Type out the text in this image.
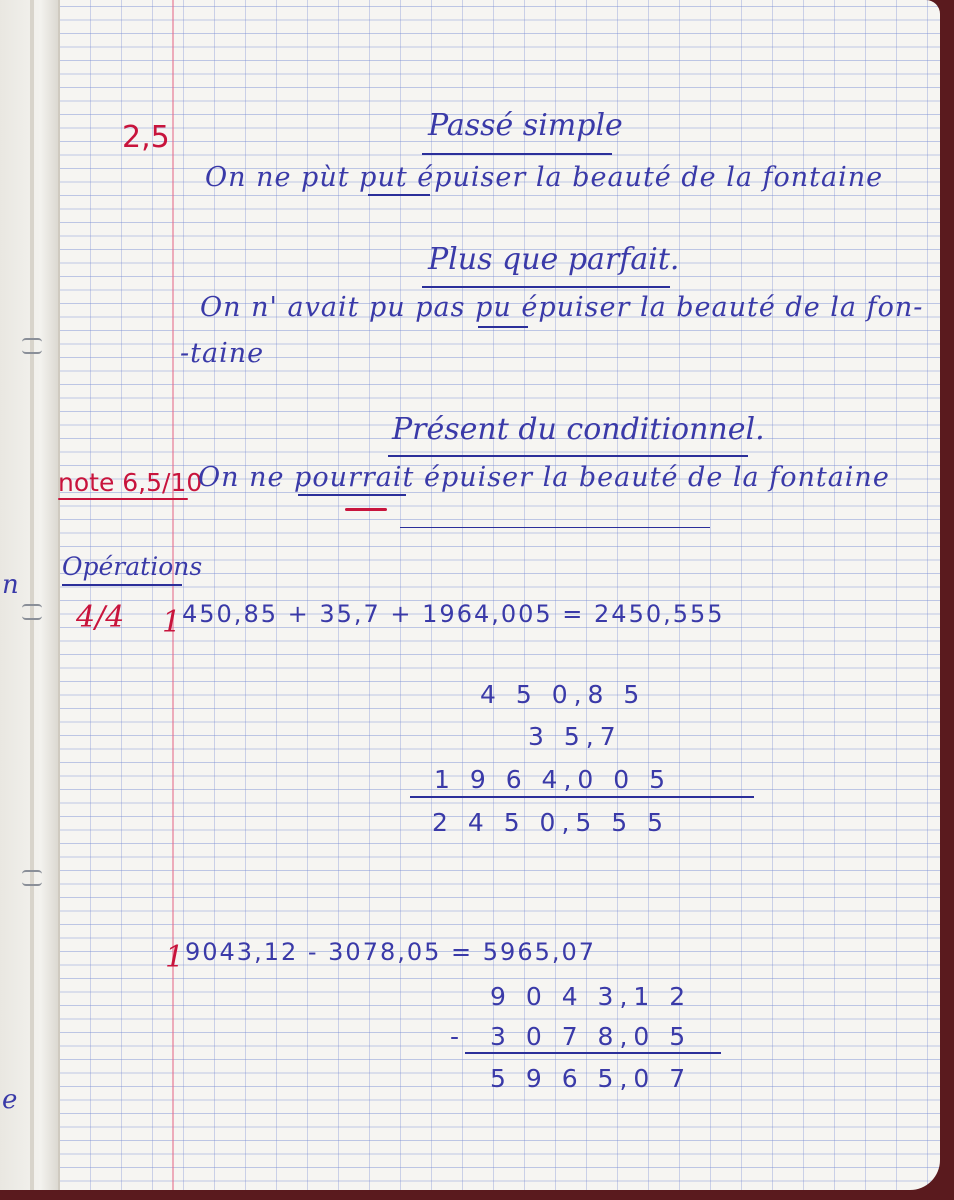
n
e
2,5	Passé simple
On ne pùt put épuiser la beauté de la fontaine
Plus que parfait.
On n' avait pu pas pu épuiser la beauté de la fon-
-taine
Présent du conditionnel.
note 6,5/10
On ne pourrait épuiser la beauté de la fontaine
Opérations
4/4 1 450,85 + 35,7 + 1964,005 = 2450,555
4 5 0,8 5
3 5,7
1 9 6 4,0 0 5
2 4 5 0,5 5 5
1 9043,12 - 3078,05 = 5965,07
9 0 4 3,1 2
- 3 0 7 8,0 5
5 9 6 5,0 7
